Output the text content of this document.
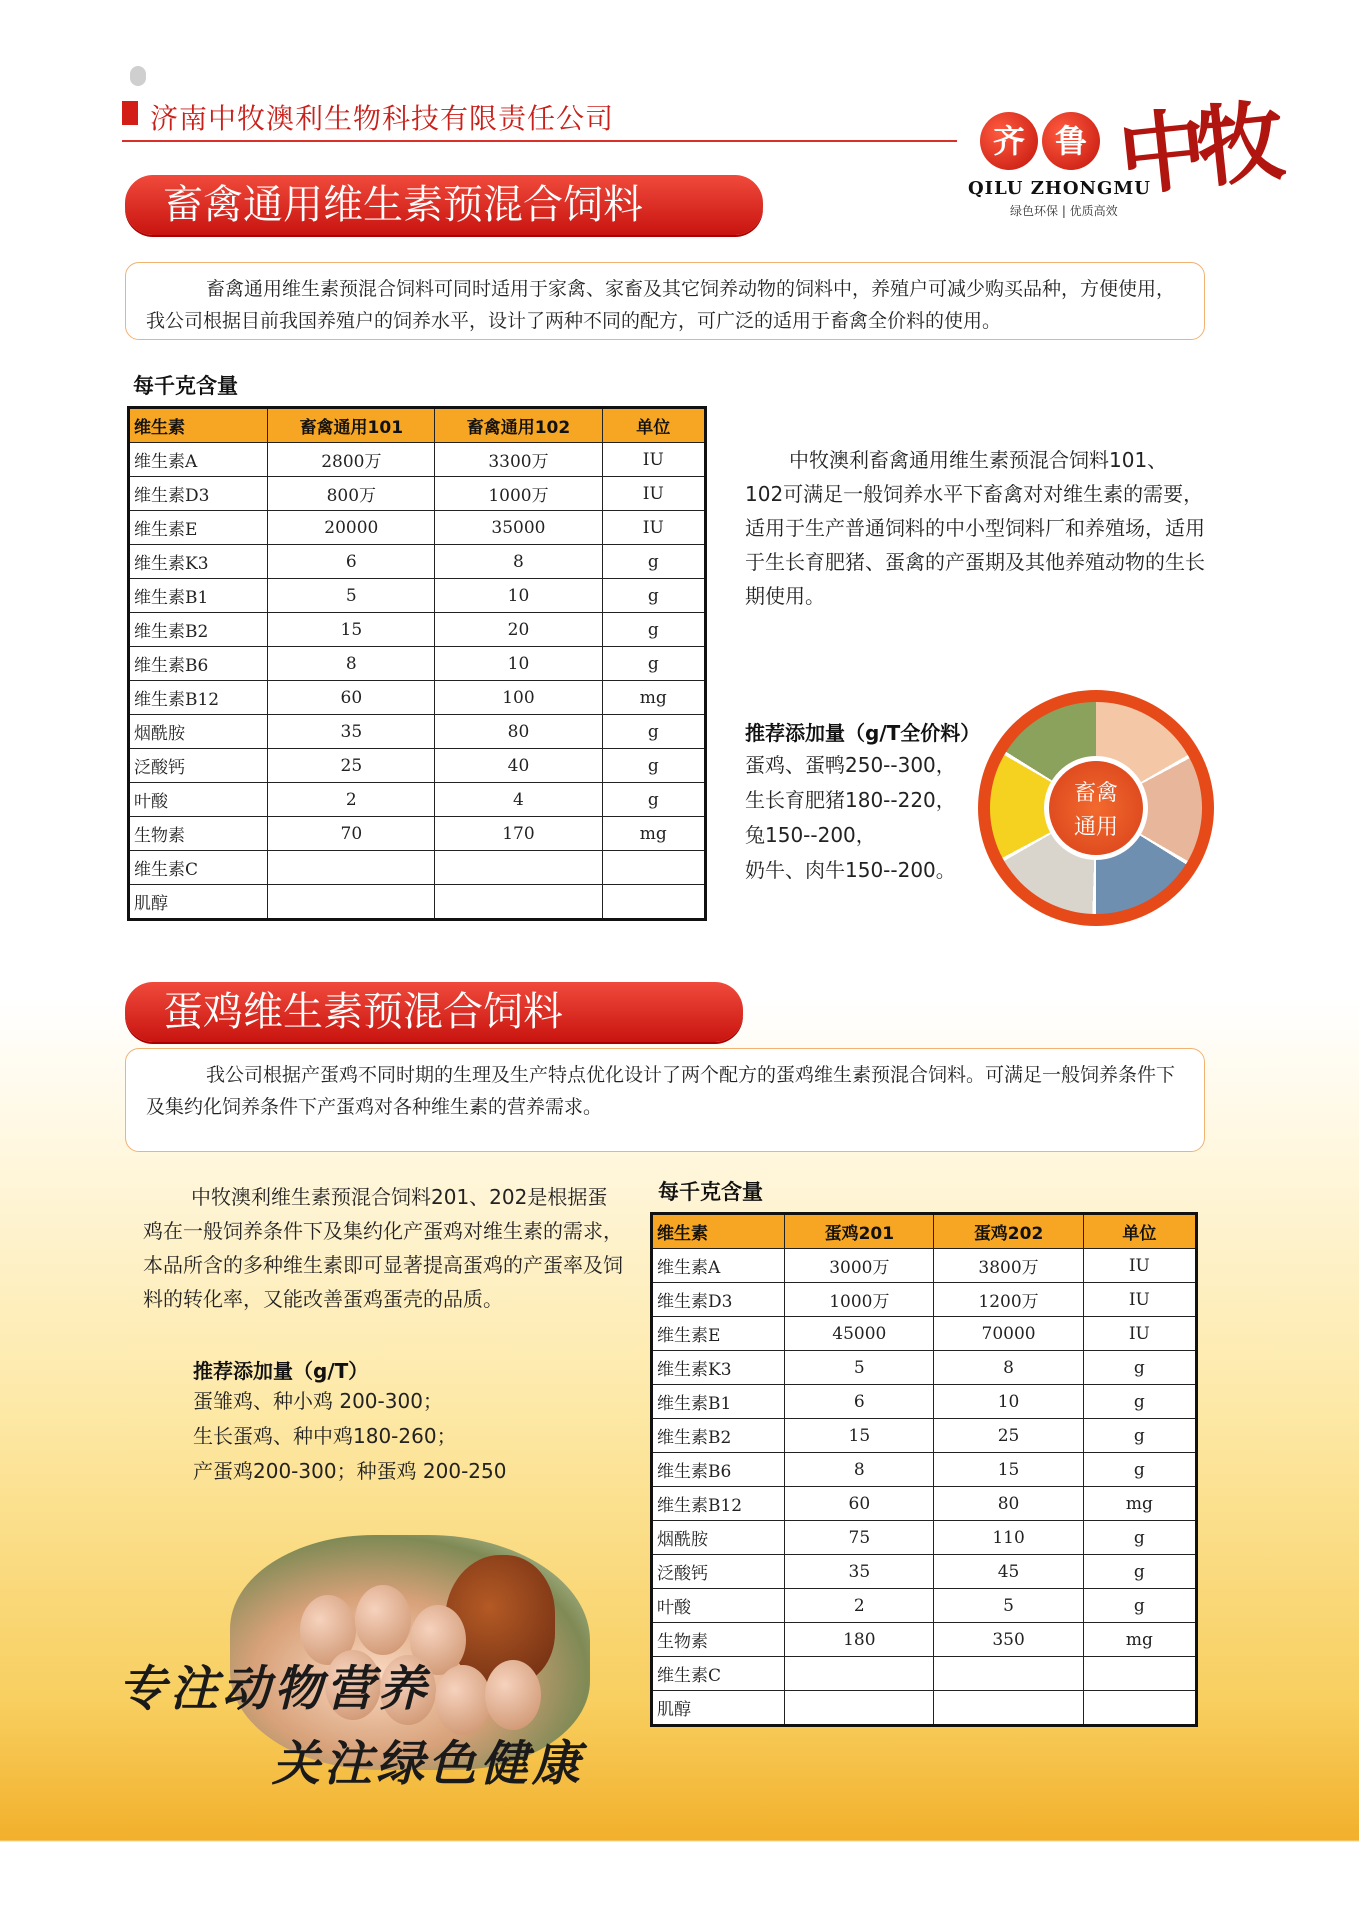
济南中牧澳利生物科技有限责任公司
齐 鲁 中牧
QILU ZHONGMU
绿色环保 | 优质高效
畜禽通用维生素预混合饲料
畜禽通用维生素预混合饲料可同时适用于家禽、家畜及其它饲养动物的饲料中，养殖户可减少购买品种，方便使用，我公司根据目前我国养殖户的饲养水平，设计了两种不同的配方，可广泛的适用于畜禽全价料的使用。
每千克含量
维生素	畜禽通用101	畜禽通用102	单位
维生素A	2800万	3300万	IU
维生素D3	800万	1000万	IU
维生素E	20000	35000	IU
维生素K3	6	8	g
维生素B1	5	10	g
维生素B2	15	20	g
维生素B6	8	10	g
维生素B12	60	100	mg
烟酰胺	35	80	g
泛酸钙	25	40	g
叶酸	2	4	g
生物素	70	170	mg
维生素C			
肌醇			
中牧澳利畜禽通用维生素预混合饲料101、102可满足一般饲养水平下畜禽对对维生素的需要，适用于生产普通饲料的中小型饲料厂和养殖场，适用于生长育肥猪、蛋禽的产蛋期及其他养殖动物的生长期使用。
推荐添加量（g/T全价料）
蛋鸡、蛋鸭250--300，
生长育肥猪180--220，
兔150--200，
奶牛、肉牛150--200。
畜禽
通用
蛋鸡维生素预混合饲料
我公司根据产蛋鸡不同时期的生理及生产特点优化设计了两个配方的蛋鸡维生素预混合饲料。可满足一般饲养条件下及集约化饲养条件下产蛋鸡对各种维生素的营养需求。
中牧澳利维生素预混合饲料201、202是根据蛋鸡在一般饲养条件下及集约化产蛋鸡对维生素的需求，本品所含的多种维生素即可显著提高蛋鸡的产蛋率及饲料的转化率，又能改善蛋鸡蛋壳的品质。
推荐添加量（g/T）
蛋雏鸡、种小鸡 200-300；
生长蛋鸡、种中鸡180-260；
产蛋鸡200-300；种蛋鸡 200-250
每千克含量
维生素	蛋鸡201	蛋鸡202	单位
维生素A	3000万	3800万	IU
维生素D3	1000万	1200万	IU
维生素E	45000	70000	IU
维生素K3	5	8	g
维生素B1	6	10	g
维生素B2	15	25	g
维生素B6	8	15	g
维生素B12	60	80	mg
烟酰胺	75	110	g
泛酸钙	35	45	g
叶酸	2	5	g
生物素	180	350	mg
维生素C			
肌醇			
专注动物营养
关注绿色健康
